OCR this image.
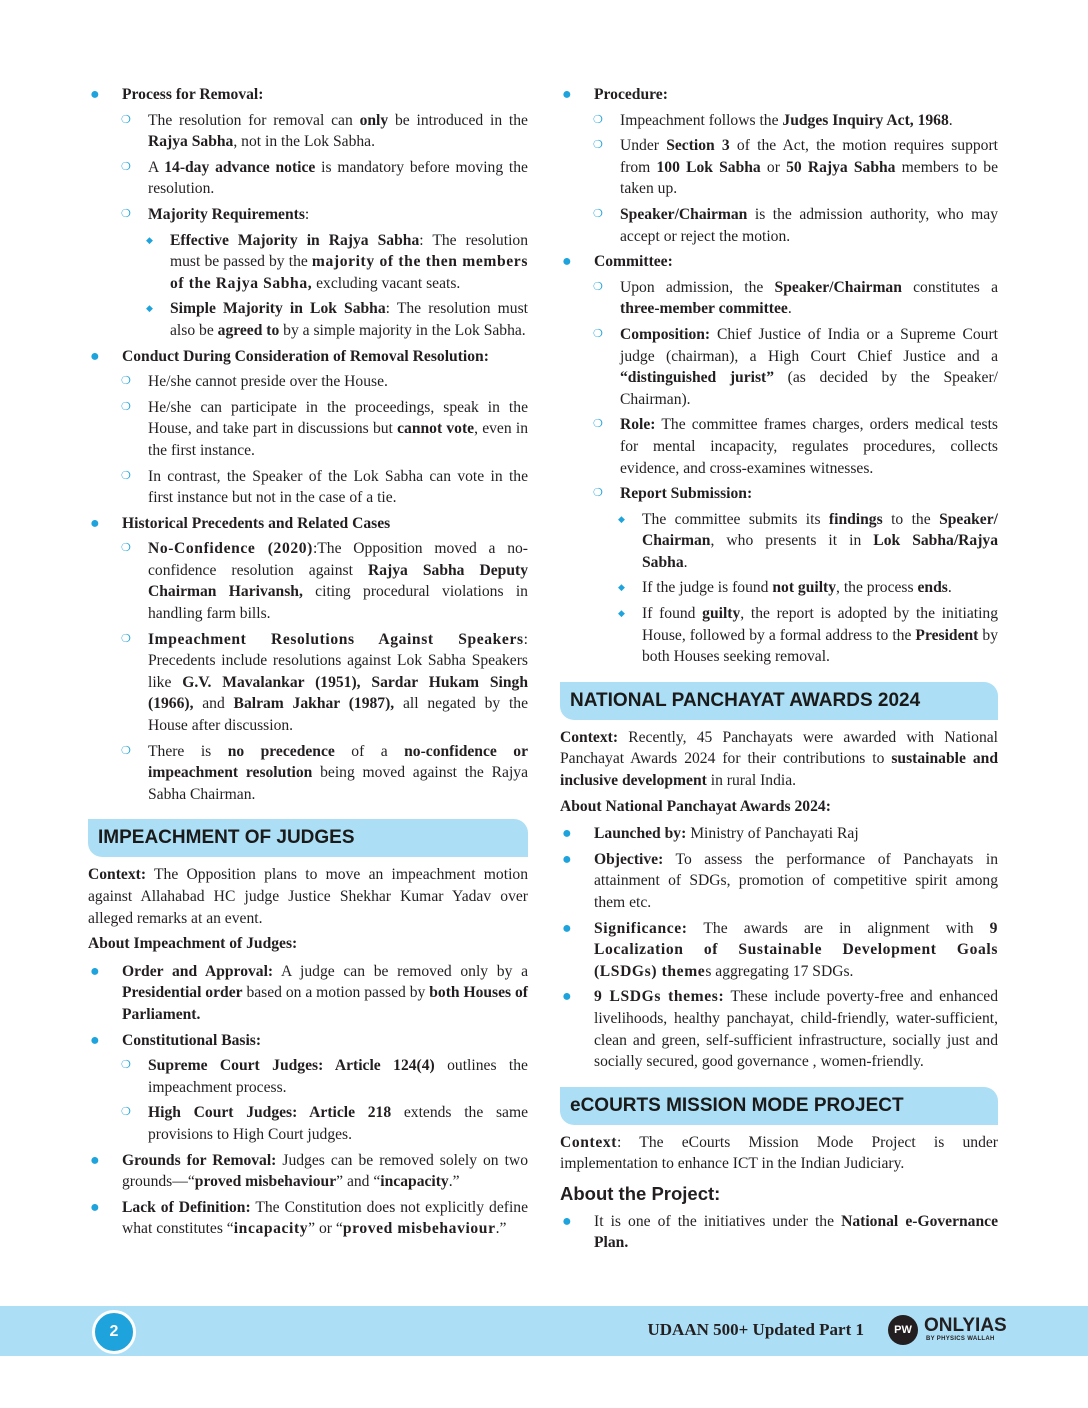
● Process for Removal:
❍ The resolution for removal can only be introduced in the Rajya Sabha, not in the Lok Sabha.
❍ A 14-day advance notice is mandatory before moving the resolution.
❍ Majority Requirements:
◆ Effective Majority in Rajya Sabha: The resolution must be passed by the majority of the then members of the Rajya Sabha, excluding vacant seats.
◆ Simple Majority in Lok Sabha: The resolution must also be agreed to by a simple majority in the Lok Sabha.
● Conduct During Consideration of Removal Resolution:
❍ He/she cannot preside over the House.
❍ He/she can participate in the proceedings, speak in the House, and take part in discussions but cannot vote, even in the first instance.
❍ In contrast, the Speaker of the Lok Sabha can vote in the first instance but not in the case of a tie.
● Historical Precedents and Related Cases
❍ No-Confidence (2020):The Opposition moved a no-confidence resolution against Rajya Sabha Deputy Chairman Harivansh, citing procedural violations in handling farm bills.
❍ Impeachment Resolutions Against Speakers: Precedents include resolutions against Lok Sabha Speakers like G.V. Mavalankar (1951), Sardar Hukam Singh (1966), and Balram Jakhar (1987), all negated by the House after discussion.
❍ There is no precedence of a no-confidence or impeachment resolution being moved against the Rajya Sabha Chairman.
IMPEACHMENT OF JUDGES

Context: The Opposition plans to move an impeachment motion against Allahabad HC judge Justice Shekhar Kumar Yadav over alleged remarks at an event.

About Impeachment of Judges:

● Order and Approval: A judge can be removed only by a Presidential order based on a motion passed by both Houses of Parliament.
● Constitutional Basis:
❍ Supreme Court Judges: Article 124(4) outlines the impeachment process.
❍ High Court Judges: Article 218 extends the same provisions to High Court judges.
● Grounds for Removal: Judges can be removed solely on two grounds—“proved misbehaviour” and “incapacity.”
● Lack of Definition: The Constitution does not explicitly define what constitutes “incapacity” or “proved misbehaviour.”
● Procedure:
❍ Impeachment follows the Judges Inquiry Act, 1968.
❍ Under Section 3 of the Act, the motion requires support from 100 Lok Sabha or 50 Rajya Sabha members to be taken up.
❍ Speaker/Chairman is the admission authority, who may accept or reject the motion.
● Committee:
❍ Upon admission, the Speaker/Chairman constitutes a three-member committee.
❍ Composition: Chief Justice of India or a Supreme Court judge (chairman), a High Court Chief Justice and a “distinguished jurist” (as decided by the Speaker/ Chairman).
❍ Role: The committee frames charges, orders medical tests for mental incapacity, regulates procedures, collects evidence, and cross-examines witnesses.
❍ Report Submission:
◆ The committee submits its findings to the Speaker/ Chairman, who presents it in Lok Sabha/Rajya Sabha.
◆ If the judge is found not guilty, the process ends.
◆ If found guilty, the report is adopted by the initiating House, followed by a formal address to the President by both Houses seeking removal.
NATIONAL PANCHAYAT AWARDS 2024

Context: Recently, 45 Panchayats were awarded with National Panchayat Awards 2024 for their contributions to sustainable and inclusive development in rural India.

About National Panchayat Awards 2024:

● Launched by: Ministry of Panchayati Raj
● Objective: To assess the performance of Panchayats in attainment of SDGs, promotion of competitive spirit among them etc.
● Significance: The awards are in alignment with 9 Localization of Sustainable Development Goals (LSDGs) themes aggregating 17 SDGs.
● 9 LSDGs themes: These include poverty-free and enhanced livelihoods, healthy panchayat, child-friendly, water-sufficient, clean and green, self-sufficient infrastructure, socially just and socially secured, good governance , women-friendly.
eCOURTS MISSION MODE PROJECT

Context: The eCourts Mission Mode Project is under implementation to enhance ICT in the Indian Judiciary.

About the Project:
● It is one of the initiatives under the National e-Governance Plan.
2	UDAAN 500+ Updated Part 1	PW ONLYIAS
BY PHYSICS WALLAH
